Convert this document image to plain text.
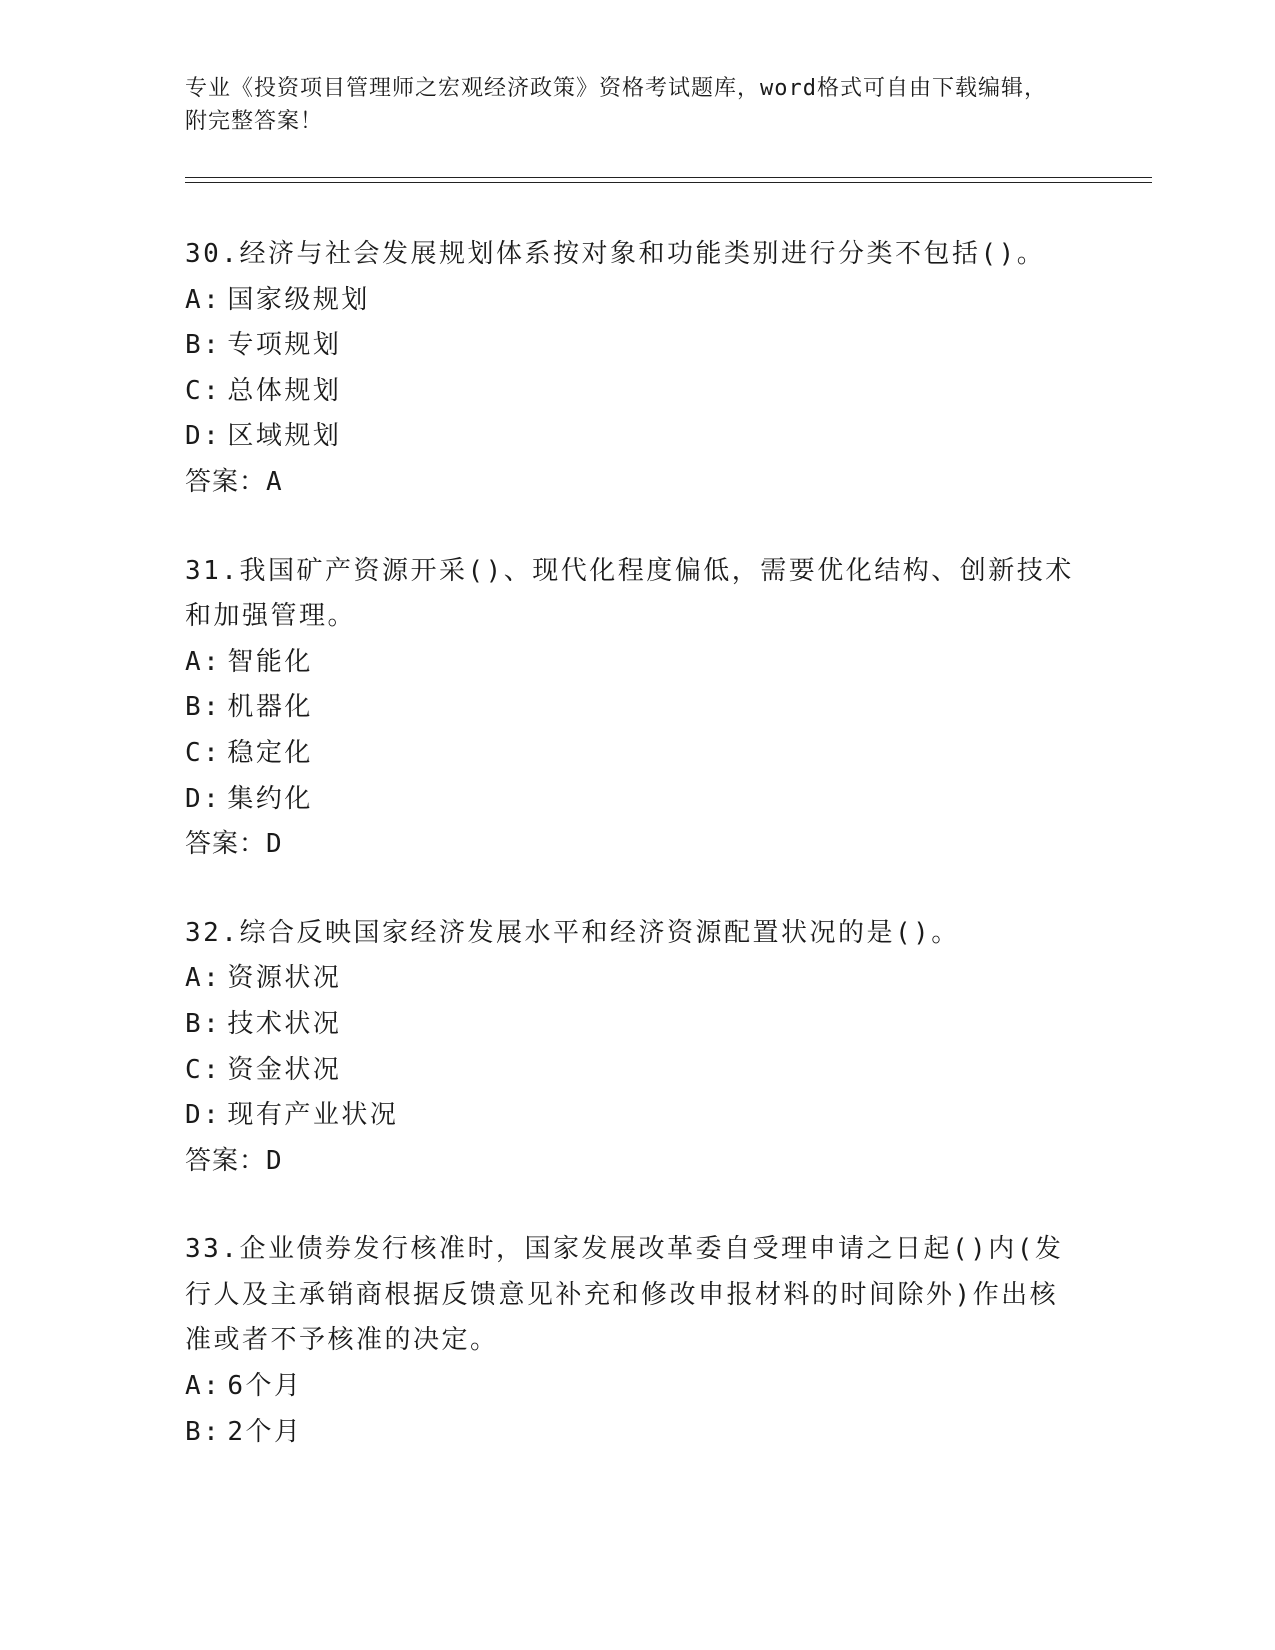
专业《投资项目管理师之宏观经济政策》资格考试题库，word格式可自由下载编辑，附完整答案！
30.经济与社会发展规划体系按对象和功能类别进行分类不包括()。
A: 国家级规划
B: 专项规划
C: 总体规划
D: 区域规划
答案：A
31.我国矿产资源开采()、现代化程度偏低，需要优化结构、创新技术和加强管理。
A: 智能化
B: 机器化
C: 稳定化
D: 集约化
答案：D
32.综合反映国家经济发展水平和经济资源配置状况的是()。
A: 资源状况
B: 技术状况
C: 资金状况
D: 现有产业状况
答案：D
33.企业债券发行核准时，国家发展改革委自受理申请之日起()内(发行人及主承销商根据反馈意见补充和修改申报材料的时间除外)作出核准或者不予核准的决定。
A: 6个月
B: 2个月
